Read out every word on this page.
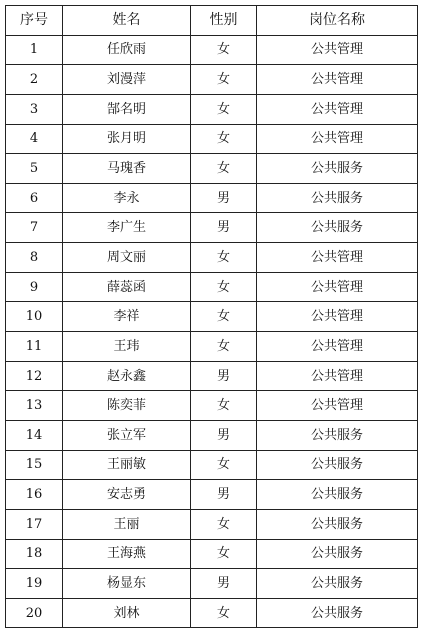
序号	姓名	性别	岗位名称
1	任欣雨	女	公共管理
2	刘漫萍	女	公共管理
3	郜名明	女	公共管理
4	张月明	女	公共管理
5	马瑰香	女	公共服务
6	李永	男	公共服务
7	李广生	男	公共服务
8	周文丽	女	公共管理
9	薛蕊函	女	公共管理
10	李祥	女	公共管理
11	王玮	女	公共管理
12	赵永鑫	男	公共管理
13	陈奕菲	女	公共管理
14	张立军	男	公共服务
15	王丽敏	女	公共服务
16	安志勇	男	公共服务
17	王丽	女	公共服务
18	王海燕	女	公共服务
19	杨显东	男	公共服务
20	刘林	女	公共服务
